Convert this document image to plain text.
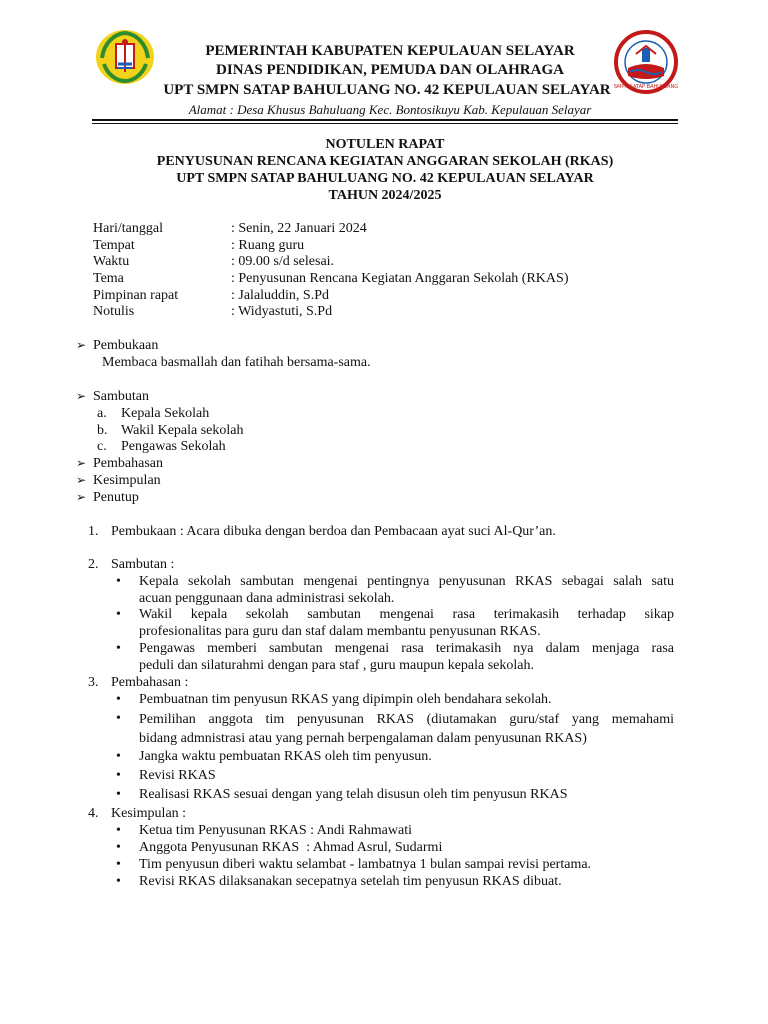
SMPN SATAP BAHULUANG
PEMERINTAH KABUPATEN KEPULAUAN SELAYAR
DINAS PENDIDIKAN, PEMUDA DAN OLAHRAGA
UPT SMPN SATAP BAHULUANG NO. 42 KEPULAUAN SELAYAR
Alamat : Desa Khusus Bahuluang Kec. Bontosikuyu Kab. Kepulauan Selayar
NOTULEN RAPAT
PENYUSUNAN RENCANA KEGIATAN ANGGARAN SEKOLAH (RKAS)
UPT SMPN SATAP BAHULUANG NO. 42 KEPULAUAN SELAYAR
TAHUN 2024/2025
Hari/tanggal	: Senin, 22 Januari 2024
Tempat	: Ruang guru
Waktu	: 09.00 s/d selesai.
Tema	: Penyusunan Rencana Kegiatan Anggaran Sekolah (RKAS)
Pimpinan rapat	: Jalaluddin, S.Pd
Notulis	: Widyastuti, S.Pd
➢ Pembukaan
Membaca basmallah dan fatihah bersama-sama.
➢ Sambutan
a. Kepala Sekolah
b. Wakil Kepala sekolah
c. Pengawas Sekolah
➢ Pembahasan
➢ Kesimpulan
➢ Penutup
1. Pembukaan : Acara dibuka dengan berdoa dan Pembacaan ayat suci Al-Qur’an.
2. Sambutan :
• Kepala sekolah sambutan mengenai pentingnya penyusunan RKAS sebagai salah satu
acuan penggunaan dana administrasi sekolah.
• Wakil kepala sekolah sambutan mengenai rasa terimakasih terhadap sikap
profesionalitas para guru dan staf dalam membantu penyusunan RKAS.
• Pengawas memberi sambutan mengenai rasa terimakasih nya dalam menjaga rasa
peduli dan silaturahmi dengan para staf , guru maupun kepala sekolah.
3. Pembahasan :
• Pembuatnan tim penyusun RKAS yang dipimpin oleh bendahara sekolah.
• Pemilihan anggota tim penyusunan RKAS (diutamakan guru/staf yang memahami
bidang admnistrasi atau yang pernah berpengalaman dalam penyusunan RKAS)
• Jangka waktu pembuatan RKAS oleh tim penyusun.
• Revisi RKAS
• Realisasi RKAS sesuai dengan yang telah disusun oleh tim penyusun RKAS
4. Kesimpulan :
• Ketua tim Penyusunan RKAS : Andi Rahmawati
• Anggota Penyusunan RKAS  : Ahmad Asrul, Sudarmi
• Tim penyusun diberi waktu selambat - lambatnya 1 bulan sampai revisi pertama.
• Revisi RKAS dilaksanakan secepatnya setelah tim penyusun RKAS dibuat.
